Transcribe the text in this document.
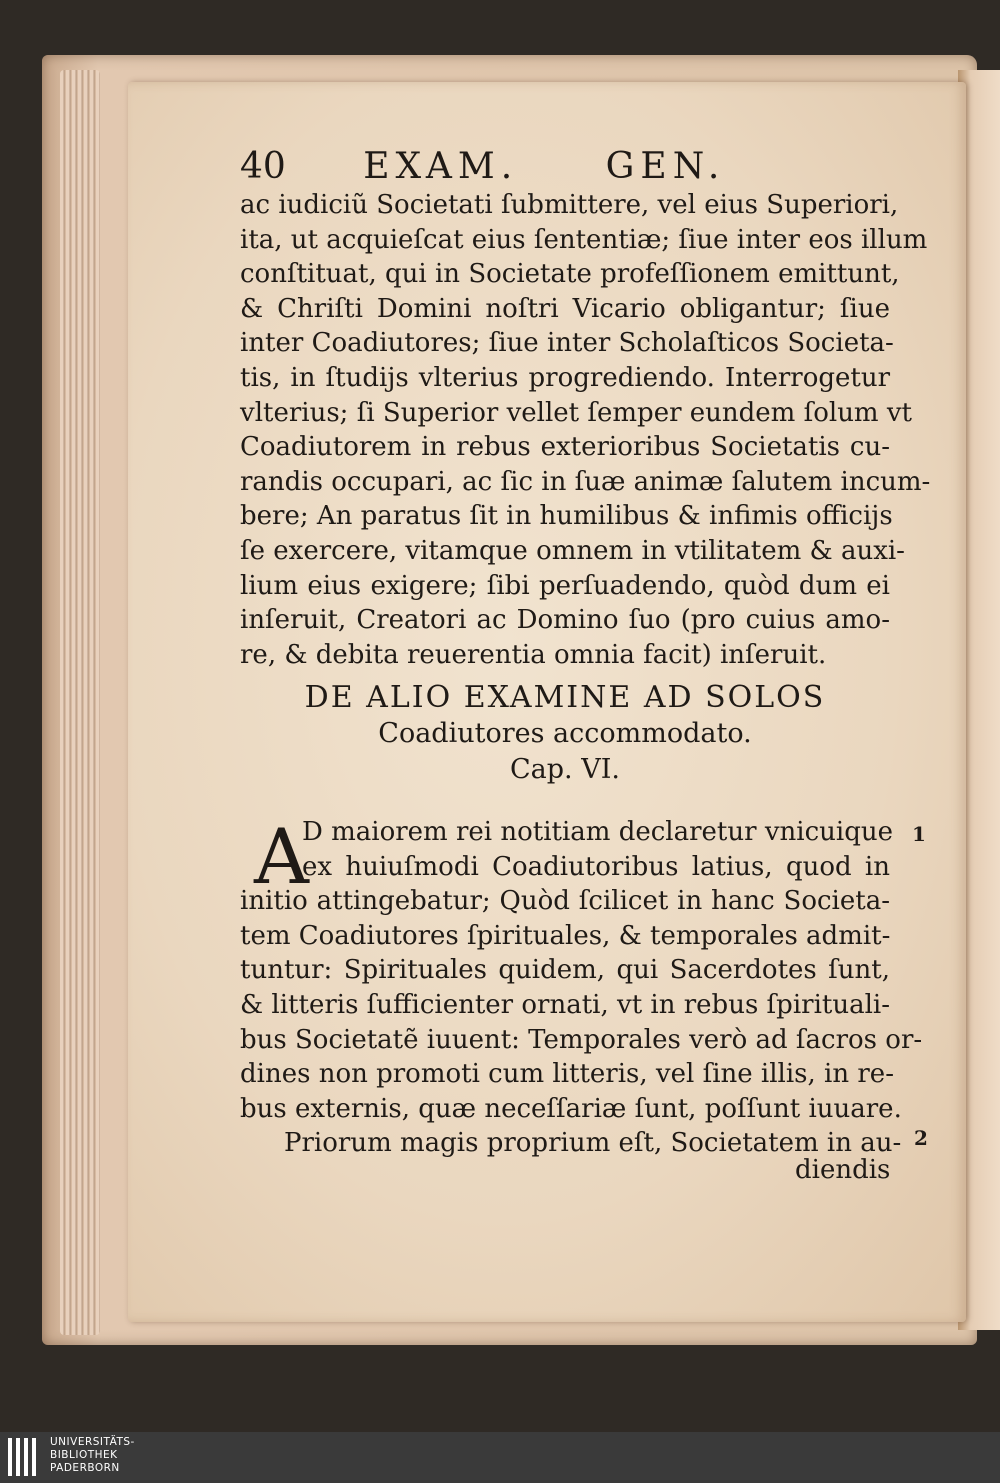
40 EXAM. GEN.
ac iudiciũ Societati ſubmittere, vel eius Superiori,
ita, ut acquieſcat eius ſententiæ; ſiue inter eos illum
conſtituat, qui in Societate profeſſionem emittunt,
& Chriſti Domini noſtri Vicario obligantur; ſiue
inter Coadiutores; ſiue inter Scholaſticos Societa-
tis, in ſtudijs vlterius progrediendo. Interrogetur
vlterius; ſi Superior vellet ſemper eundem ſolum vt
Coadiutorem in rebus exterioribus Societatis cu-
randis occupari, ac ſic in ſuæ animæ ſalutem incum-
bere; An paratus ſit in humilibus & infimis officijs
ſe exercere, vitamque omnem in vtilitatem & auxi-
lium eius exigere; ſibi perſuadendo, quòd dum ei
inſeruit, Creatori ac Domino ſuo (pro cuius amo-
re, & debita reuerentia omnia facit) inſeruit.
DE ALIO EXAMINE AD SOLOS
Coadiutores accommodato.
Cap. VI.
A
D maiorem rei notitiam declaretur vnicuique
ex huiuſmodi Coadiutoribus latius, quod in
initio attingebatur; Quòd ſcilicet in hanc Societa-
tem Coadiutores ſpirituales, & temporales admit-
tuntur: Spirituales quidem, qui Sacerdotes ſunt,
& litteris ſufficienter ornati, vt in rebus ſpirituali-
bus Societatẽ iuuent: Temporales verò ad ſacros or-
dines non promoti cum litteris, vel ſine illis, in re-
bus externis, quæ neceſſariæ ſunt, poſſunt iuuare.
Priorum magis proprium eſt, Societatem in au-
1
2
diendis
UNIVERSITÄTS-
BIBLIOTHEK
PADERBORN
